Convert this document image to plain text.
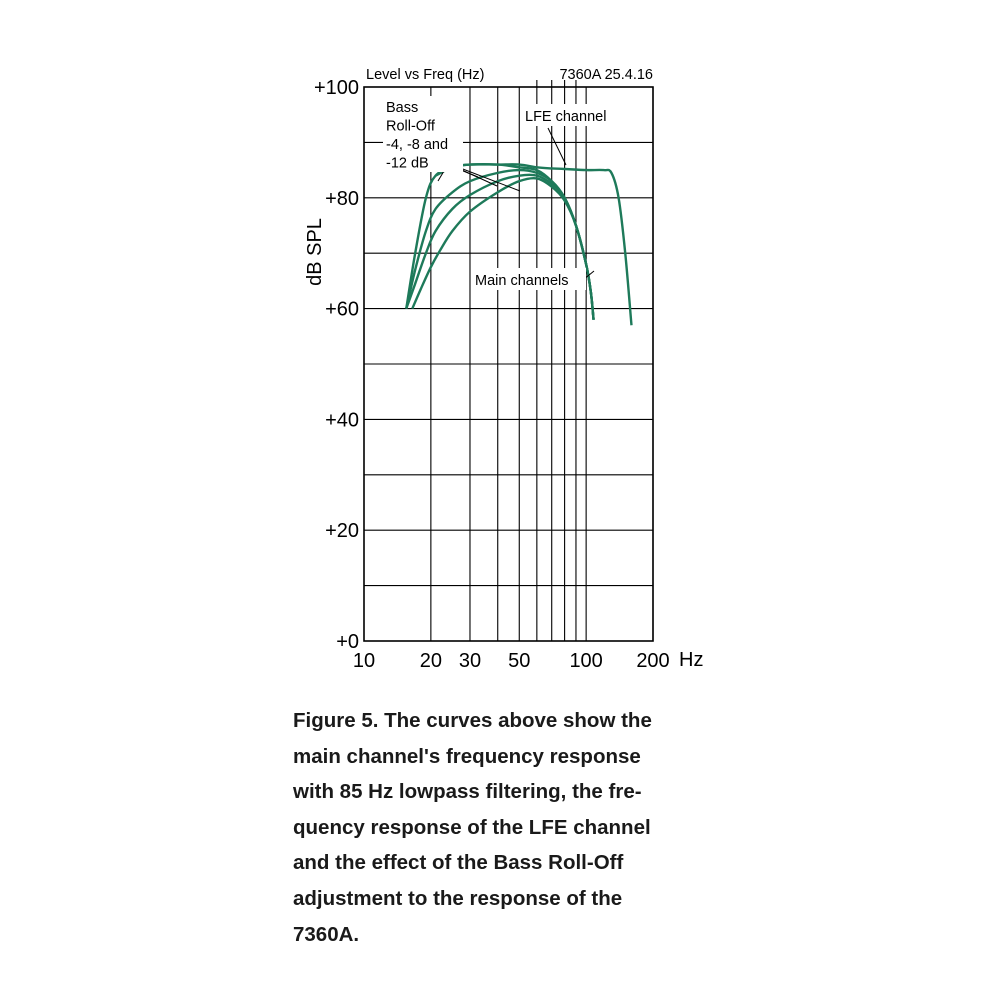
Level vs Freq (Hz)	7360A 25.4.16
dB SPL
Hz
+0
+20
+40
+60
+80
+100
10 20 30 50 100 200
Bass
Roll-Off
-4, -8 and
-12 dB
LFE channel
Main channels
Figure 5. The curves above show the
main channel's frequency response
with 85 Hz lowpass filtering, the fre-
quency response of the LFE channel
and the effect of the Bass Roll-Off
adjustment to the response of the
7360A.
